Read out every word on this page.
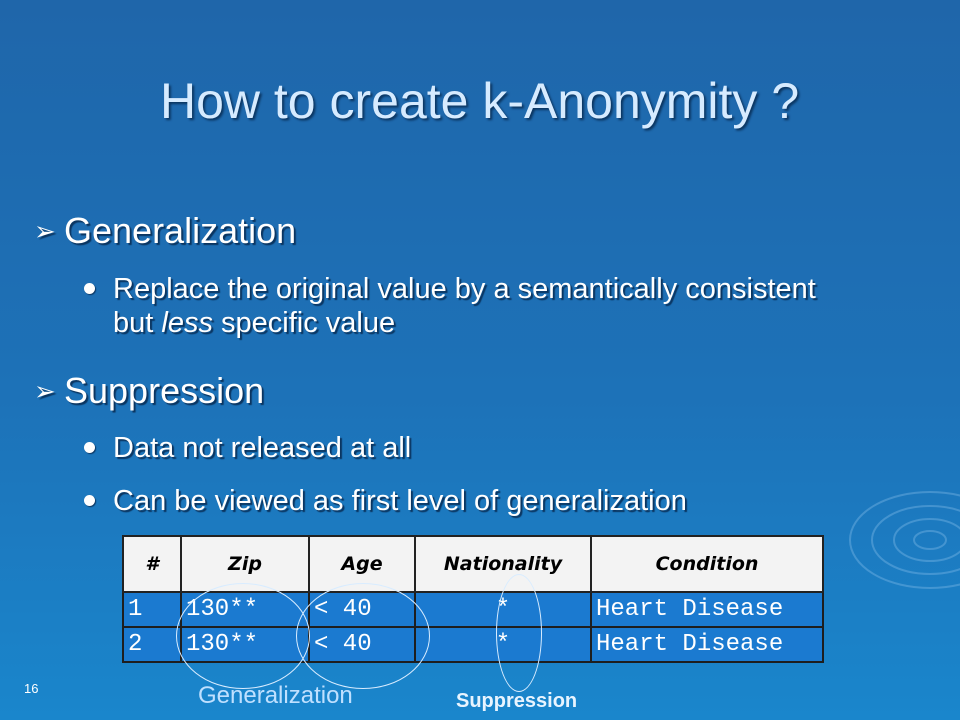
How to create k-Anonymity ?
➢ Generalization
Replace the original value by a semantically consistent but less specific value
➢ Suppression
Data not released at all
Can be viewed as first level of generalization
#	Zip	Age	Nationality	Condition
1	130**	< 40	*	Heart Disease
2	130**	< 40	*	Heart Disease
Generalization	Suppression
16
